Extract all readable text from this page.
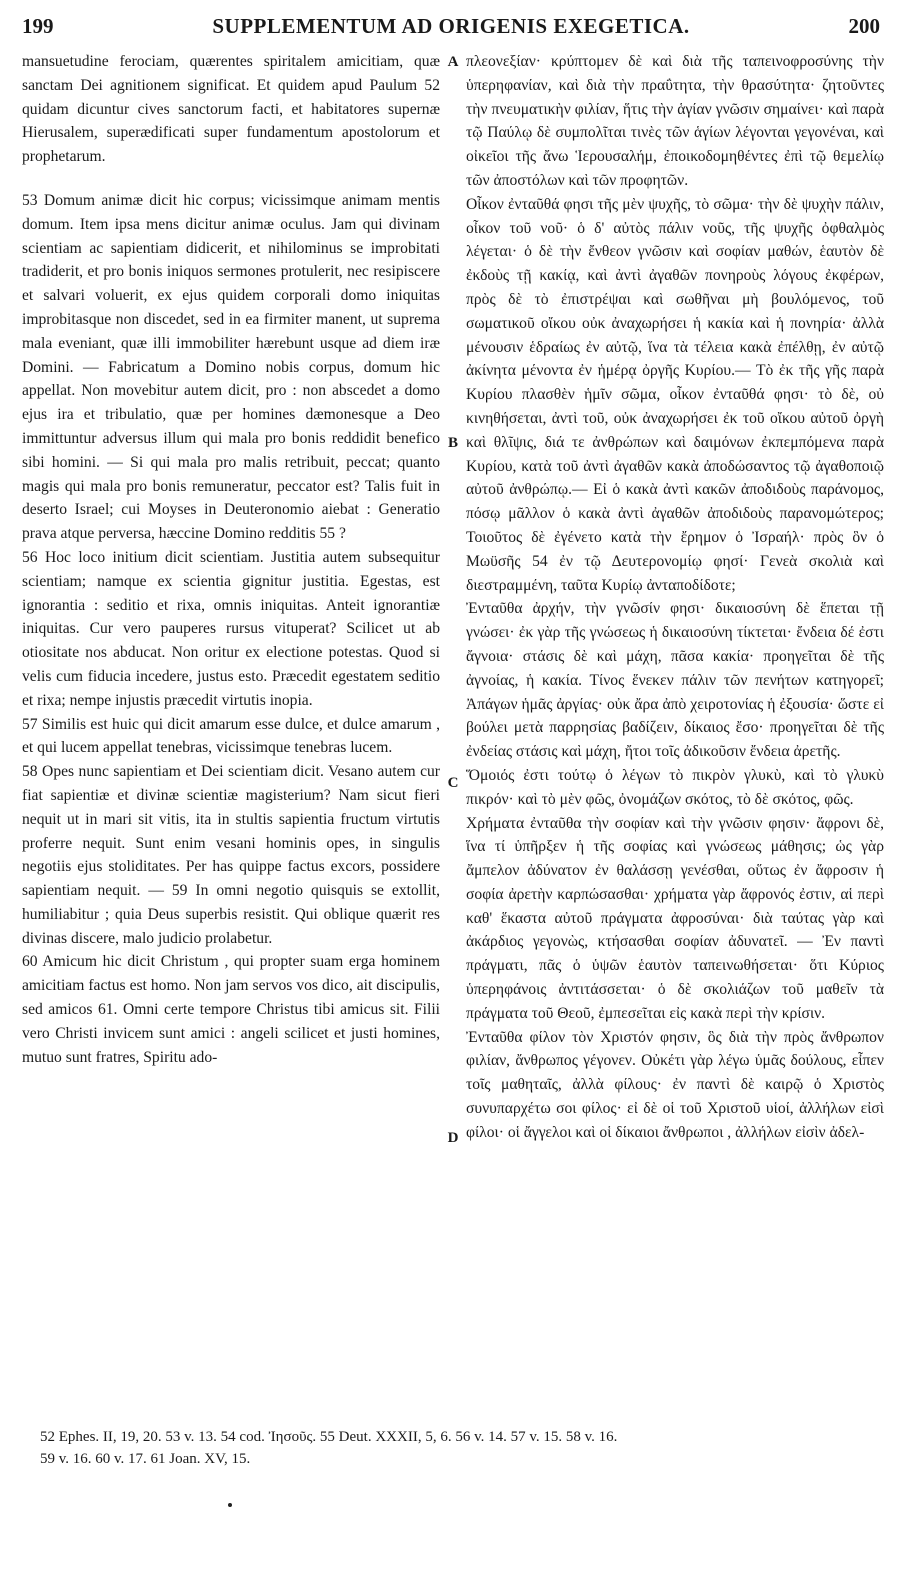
199	SUPPLEMENTUM AD ORIGENIS EXEGETICA.	200

mansuetudine ferociam, quærentes spiritalem amicitiam, quæ sanctam Dei agnitionem significat. Et quidem apud Paulum 52 quidam dicuntur cives sanctorum facti, et habitatores supernæ Hierusalem, superædificati super fundamentum apostolorum et prophetarum.

53 Domum animæ dicit hic corpus; vicissimque animam mentis domum. Item ipsa mens dicitur animæ oculus. Jam qui divinam scientiam ac sapientiam didicerit, et nihilominus se improbitati tradiderit, et pro bonis iniquos sermones protulerit, nec resipiscere et salvari voluerit, ex ejus quidem corporali domo iniquitas improbitasque non discedet, sed in ea firmiter manent, ut suprema mala eveniant, quæ illi immobiliter hærebunt usque ad diem iræ Domini. — Fabricatum a Domino nobis corpus, domum hic appellat. Non movebitur autem dicit, pro : non abscedet a domo ejus ira et tribulatio, quæ per homines dæmonesque a Deo immittuntur adversus illum qui mala pro bonis reddidit benefico sibi homini. — Si qui mala pro malis retribuit, peccat; quanto magis qui mala pro bonis remuneratur, peccator est? Talis fuit in deserto Israel; cui Moyses in Deuteronomio aiebat : Generatio prava atque perversa, hæccine Domino redditis 55 ?

56 Hoc loco initium dicit scientiam. Justitia autem subsequitur scientiam; namque ex scientia gignitur justitia. Egestas, est ignorantia : seditio et rixa, omnis iniquitas. Anteit ignorantiæ iniquitas. Cur vero pauperes rursus vituperat? Scilicet ut ab otiositate nos abducat. Non oritur ex electione potestas. Quod si velis cum fiducia incedere, justus esto. Præcedit egestatem seditio et rixa; nempe injustis præcedit virtutis inopia.

57 Similis est huic qui dicit amarum esse dulce, et dulce amarum , et qui lucem appellat tenebras, vicissimque tenebras lucem.

58 Opes nunc sapientiam et Dei scientiam dicit. Vesano autem cur fiat sapientiæ et divinæ scientiæ magisterium? Nam sicut fieri nequit ut in mari sit vitis, ita in stultis sapientia fructum virtutis proferre nequit. Sunt enim vesani hominis opes, in singulis negotiis ejus stoliditates. Per has quippe factus excors, possidere sapientiam nequit. — 59 In omni negotio quisquis se extollit, humiliabitur ; quia Deus superbis resistit. Qui oblique quærit res divinas discere, malo judicio prolabetur.

60 Amicum hic dicit Christum , qui propter suam erga hominem amicitiam factus est homo. Non jam servos vos dico, ait discipulis, sed amicos 61. Omni certe tempore Christus tibi amicus sit. Filii vero Christi invicem sunt amici : angeli scilicet et justi homines, mutuo sunt fratres, Spiritu ado-

A
B
C
D

πλεονεξίαν· κρύπτομεν δὲ καὶ διὰ τῆς ταπεινοφροσύνης τὴν ὑπερηφανίαν, καὶ διὰ τὴν πραΰτητα, τὴν θρασύτητα· ζητοῦντες τὴν πνευματικὴν φιλίαν, ἥτις τὴν ἁγίαν γνῶσιν σημαίνει· καὶ παρὰ τῷ Παύλῳ δὲ συμπολῖται τινὲς τῶν ἁγίων λέγονται γεγονέναι, καὶ οἰκεῖοι τῆς ἄνω Ἱερουσαλήμ, ἐποικοδομηθέντες ἐπὶ τῷ θεμελίῳ τῶν ἀποστόλων καὶ τῶν προφητῶν.

Οἶκον ἐνταῦθά φησι τῆς μὲν ψυχῆς, τὸ σῶμα· τὴν δὲ ψυχὴν πάλιν, οἶκον τοῦ νοῦ· ὁ δ' αὐτὸς πάλιν νοῦς, τῆς ψυχῆς ὀφθαλμὸς λέγεται· ὁ δὲ τὴν ἔνθεον γνῶσιν καὶ σοφίαν μαθών, ἑαυτὸν δὲ ἐκδοὺς τῇ κακίᾳ, καὶ ἀντὶ ἀγαθῶν πονηροὺς λόγους ἐκφέρων, πρὸς δὲ τὸ ἐπιστρέψαι καὶ σωθῆναι μὴ βουλόμενος, τοῦ σωματικοῦ οἴκου οὐκ ἀναχωρήσει ἡ κακία καὶ ἡ πονηρία· ἀλλὰ μένουσιν ἑδραίως ἐν αὐτῷ, ἵνα τὰ τέλεια κακὰ ἐπέλθῃ, ἐν αὐτῷ ἀκίνητα μένοντα ἐν ἡμέρᾳ ὀργῆς Κυρίου.— Τὸ ἐκ τῆς γῆς παρὰ Κυρίου πλασθὲν ἡμῖν σῶμα, οἶκον ἐνταῦθά φησι· τὸ δὲ, οὐ κινηθήσεται, ἀντὶ τοῦ, οὐκ ἀναχωρήσει ἐκ τοῦ οἴκου αὐτοῦ ὀργὴ καὶ θλῖψις, διά τε ἀνθρώπων καὶ δαιμόνων ἐκπεμπόμενα παρὰ Κυρίου, κατὰ τοῦ ἀντὶ ἀγαθῶν κακὰ ἀποδώσαντος τῷ ἀγαθοποιῷ αὐτοῦ ἀνθρώπῳ.— Εἰ ὁ κακὰ ἀντὶ κακῶν ἀποδιδοὺς παράνομος, πόσῳ μᾶλλον ὁ κακὰ ἀντὶ ἀγαθῶν ἀποδιδοὺς παρανομώτερος; Τοιοῦτος δὲ ἐγένετο κατὰ τὴν ἔρημον ὁ Ἰσραήλ· πρὸς ὃν ὁ Μωϋσῆς 54 ἐν τῷ Δευτερονομίῳ φησί· Γενεὰ σκολιὰ καὶ διεστραμμένη, ταῦτα Κυρίῳ ἀνταποδίδοτε;

Ἐνταῦθα ἀρχήν, τὴν γνῶσίν φησι· δικαιοσύνη δὲ ἕπεται τῇ γνώσει· ἐκ γὰρ τῆς γνώσεως ἡ δικαιοσύνη τίκτεται· ἔνδεια δέ ἐστι ἄγνοια· στάσις δὲ καὶ μάχη, πᾶσα κακία· προηγεῖται δὲ τῆς ἀγνοίας, ἡ κακία. Τίνος ἕνεκεν πάλιν τῶν πενήτων κατηγορεῖ; Ἀπάγων ἡμᾶς ἀργίας· οὐκ ἄρα ἀπὸ χειροτονίας ἡ ἐξουσία· ὥστε εἰ βούλει μετὰ παρρησίας βαδίζειν, δίκαιος ἔσο· προηγεῖται δὲ τῆς ἐνδείας στάσις καὶ μάχη, ἤτοι τοῖς ἀδικοῦσιν ἔνδεια ἀρετῆς.

Ὅμοιός ἐστι τούτῳ ὁ λέγων τὸ πικρὸν γλυκὺ, καὶ τὸ γλυκὺ πικρόν· καὶ τὸ μὲν φῶς, ὀνομάζων σκότος, τὸ δὲ σκότος, φῶς.

Χρήματα ἐνταῦθα τὴν σοφίαν καὶ τὴν γνῶσιν φησιν· ἄφρονι δὲ, ἵνα τί ὑπῆρξεν ἡ τῆς σοφίας καὶ γνώσεως μάθησις; ὡς γὰρ ἄμπελον ἀδύνατον ἐν θαλάσσῃ γενέσθαι, οὕτως ἐν ἄφροσιν ἡ σοφία ἀρετὴν καρπώσασθαι· χρήματα γὰρ ἄφρονός ἐστιν, αἱ περὶ καθ' ἕκαστα αὐτοῦ πράγματα ἀφροσύναι· διὰ ταύτας γὰρ καὶ ἀκάρδιος γεγονὼς, κτήσασθαι σοφίαν ἀδυνατεῖ. — Ἐν παντὶ πράγματι, πᾶς ὁ ὑψῶν ἑαυτὸν ταπεινωθήσεται· ὅτι Κύριος ὑπερηφάνοις ἀντιτάσσεται· ὁ δὲ σκολιάζων τοῦ μαθεῖν τὰ πράγματα τοῦ Θεοῦ, ἐμπεσεῖται εἰς κακὰ περὶ τὴν κρίσιν.

Ἐνταῦθα φίλον τὸν Χριστόν φησιν, ὃς διὰ τὴν πρὸς ἄνθρωπον φιλίαν, ἄνθρωπος γέγονεν. Οὐκέτι γὰρ λέγω ὑμᾶς δούλους, εἶπεν τοῖς μαθηταῖς, ἀλλὰ φίλους· ἐν παντὶ δὲ καιρῷ ὁ Χριστὸς συνυπαρχέτω σοι φίλος· εἰ δὲ οἱ τοῦ Χριστοῦ υἱοί, ἀλλήλων εἰσὶ φίλοι· οἱ ἄγγελοι καὶ οἱ δίκαιοι ἄνθρωποι , ἀλλήλων εἰσὶν ἀδελ-

52 Ephes. II, 19, 20. 53 v. 13. 54 cod. Ἰησοῦς. 55 Deut. XXXII, 5, 6. 56 v. 14. 57 v. 15. 58 v. 16.
59 v. 16. 60 v. 17. 61 Joan. XV, 15.
